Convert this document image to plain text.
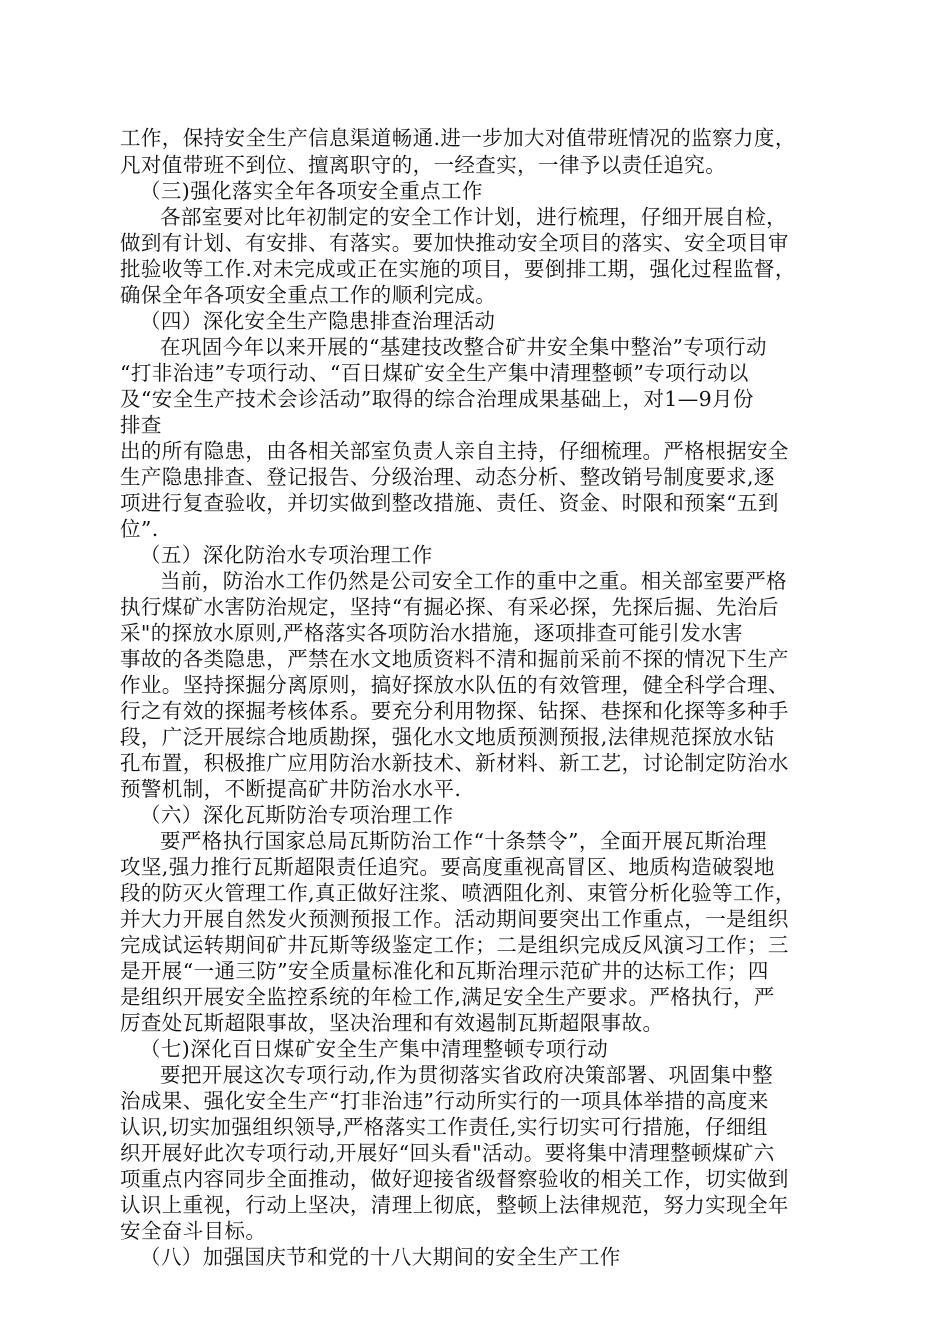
工作，保持安全生产信息渠道畅通.进一步加大对值带班情况的监察力度，
凡对值带班不到位、擅离职守的，一经查实，一律予以责任追究。
（三)强化落实全年各项安全重点工作
各部室要对比年初制定的安全工作计划，进行梳理，仔细开展自检，
做到有计划、有安排、有落实。要加快推动安全项目的落实、安全项目审
批验收等工作.对未完成或正在实施的项目，要倒排工期，强化过程监督，
确保全年各项安全重点工作的顺利完成。
（四）深化安全生产隐患排查治理活动
在巩固今年以来开展的“基建技改整合矿井安全集中整治”专项行动
“打非治违”专项行动、“百日煤矿安全生产集中清理整顿”专项行动以
及“安全生产技术会诊活动”取得的综合治理成果基础上，对1—9月份
排查
出的所有隐患，由各相关部室负责人亲自主持，仔细梳理。严格根据安全
生产隐患排查、登记报告、分级治理、动态分析、整改销号制度要求,逐
项进行复查验收，并切实做到整改措施、责任、资金、时限和预案“五到
位”.
（五）深化防治水专项治理工作
当前，防治水工作仍然是公司安全工作的重中之重。相关部室要严格
执行煤矿水害防治规定，坚持“有掘必探、有采必探，先探后掘、先治后
采"的探放水原则,严格落实各项防治水措施，逐项排查可能引发水害
事故的各类隐患，严禁在水文地质资料不清和掘前采前不探的情况下生产
作业。坚持探掘分离原则，搞好探放水队伍的有效管理，健全科学合理、
行之有效的探掘考核体系。要充分利用物探、钻探、巷探和化探等多种手
段，广泛开展综合地质勘探，强化水文地质预测预报,法律规范探放水钻
孔布置，积极推广应用防治水新技术、新材料、新工艺，讨论制定防治水
预警机制，不断提高矿井防治水水平.
（六）深化瓦斯防治专项治理工作
要严格执行国家总局瓦斯防治工作“十条禁令”，全面开展瓦斯治理
攻坚,强力推行瓦斯超限责任追究。要高度重视高冒区、地质构造破裂地
段的防灭火管理工作,真正做好注浆、喷洒阻化剂、束管分析化验等工作，
并大力开展自然发火预测预报工作。活动期间要突出工作重点，一是组织
完成试运转期间矿井瓦斯等级鉴定工作；二是组织完成反风演习工作；三
是开展“一通三防”安全质量标准化和瓦斯治理示范矿井的达标工作；四
是组织开展安全监控系统的年检工作,满足安全生产要求。严格执行，严
厉查处瓦斯超限事故，坚决治理和有效遏制瓦斯超限事故。
（七)深化百日煤矿安全生产集中清理整顿专项行动
要把开展这次专项行动,作为贯彻落实省政府决策部署、巩固集中整
治成果、强化安全生产“打非治违”行动所实行的一项具体举措的高度来
认识,切实加强组织领导,严格落实工作责任,实行切实可行措施，仔细组
织开展好此次专项行动,开展好“回头看"活动。要将集中清理整顿煤矿六
项重点内容同步全面推动，做好迎接省级督察验收的相关工作，切实做到
认识上重视，行动上坚决，清理上彻底，整顿上法律规范，努力实现全年
安全奋斗目标。
（八）加强国庆节和党的十八大期间的安全生产工作
